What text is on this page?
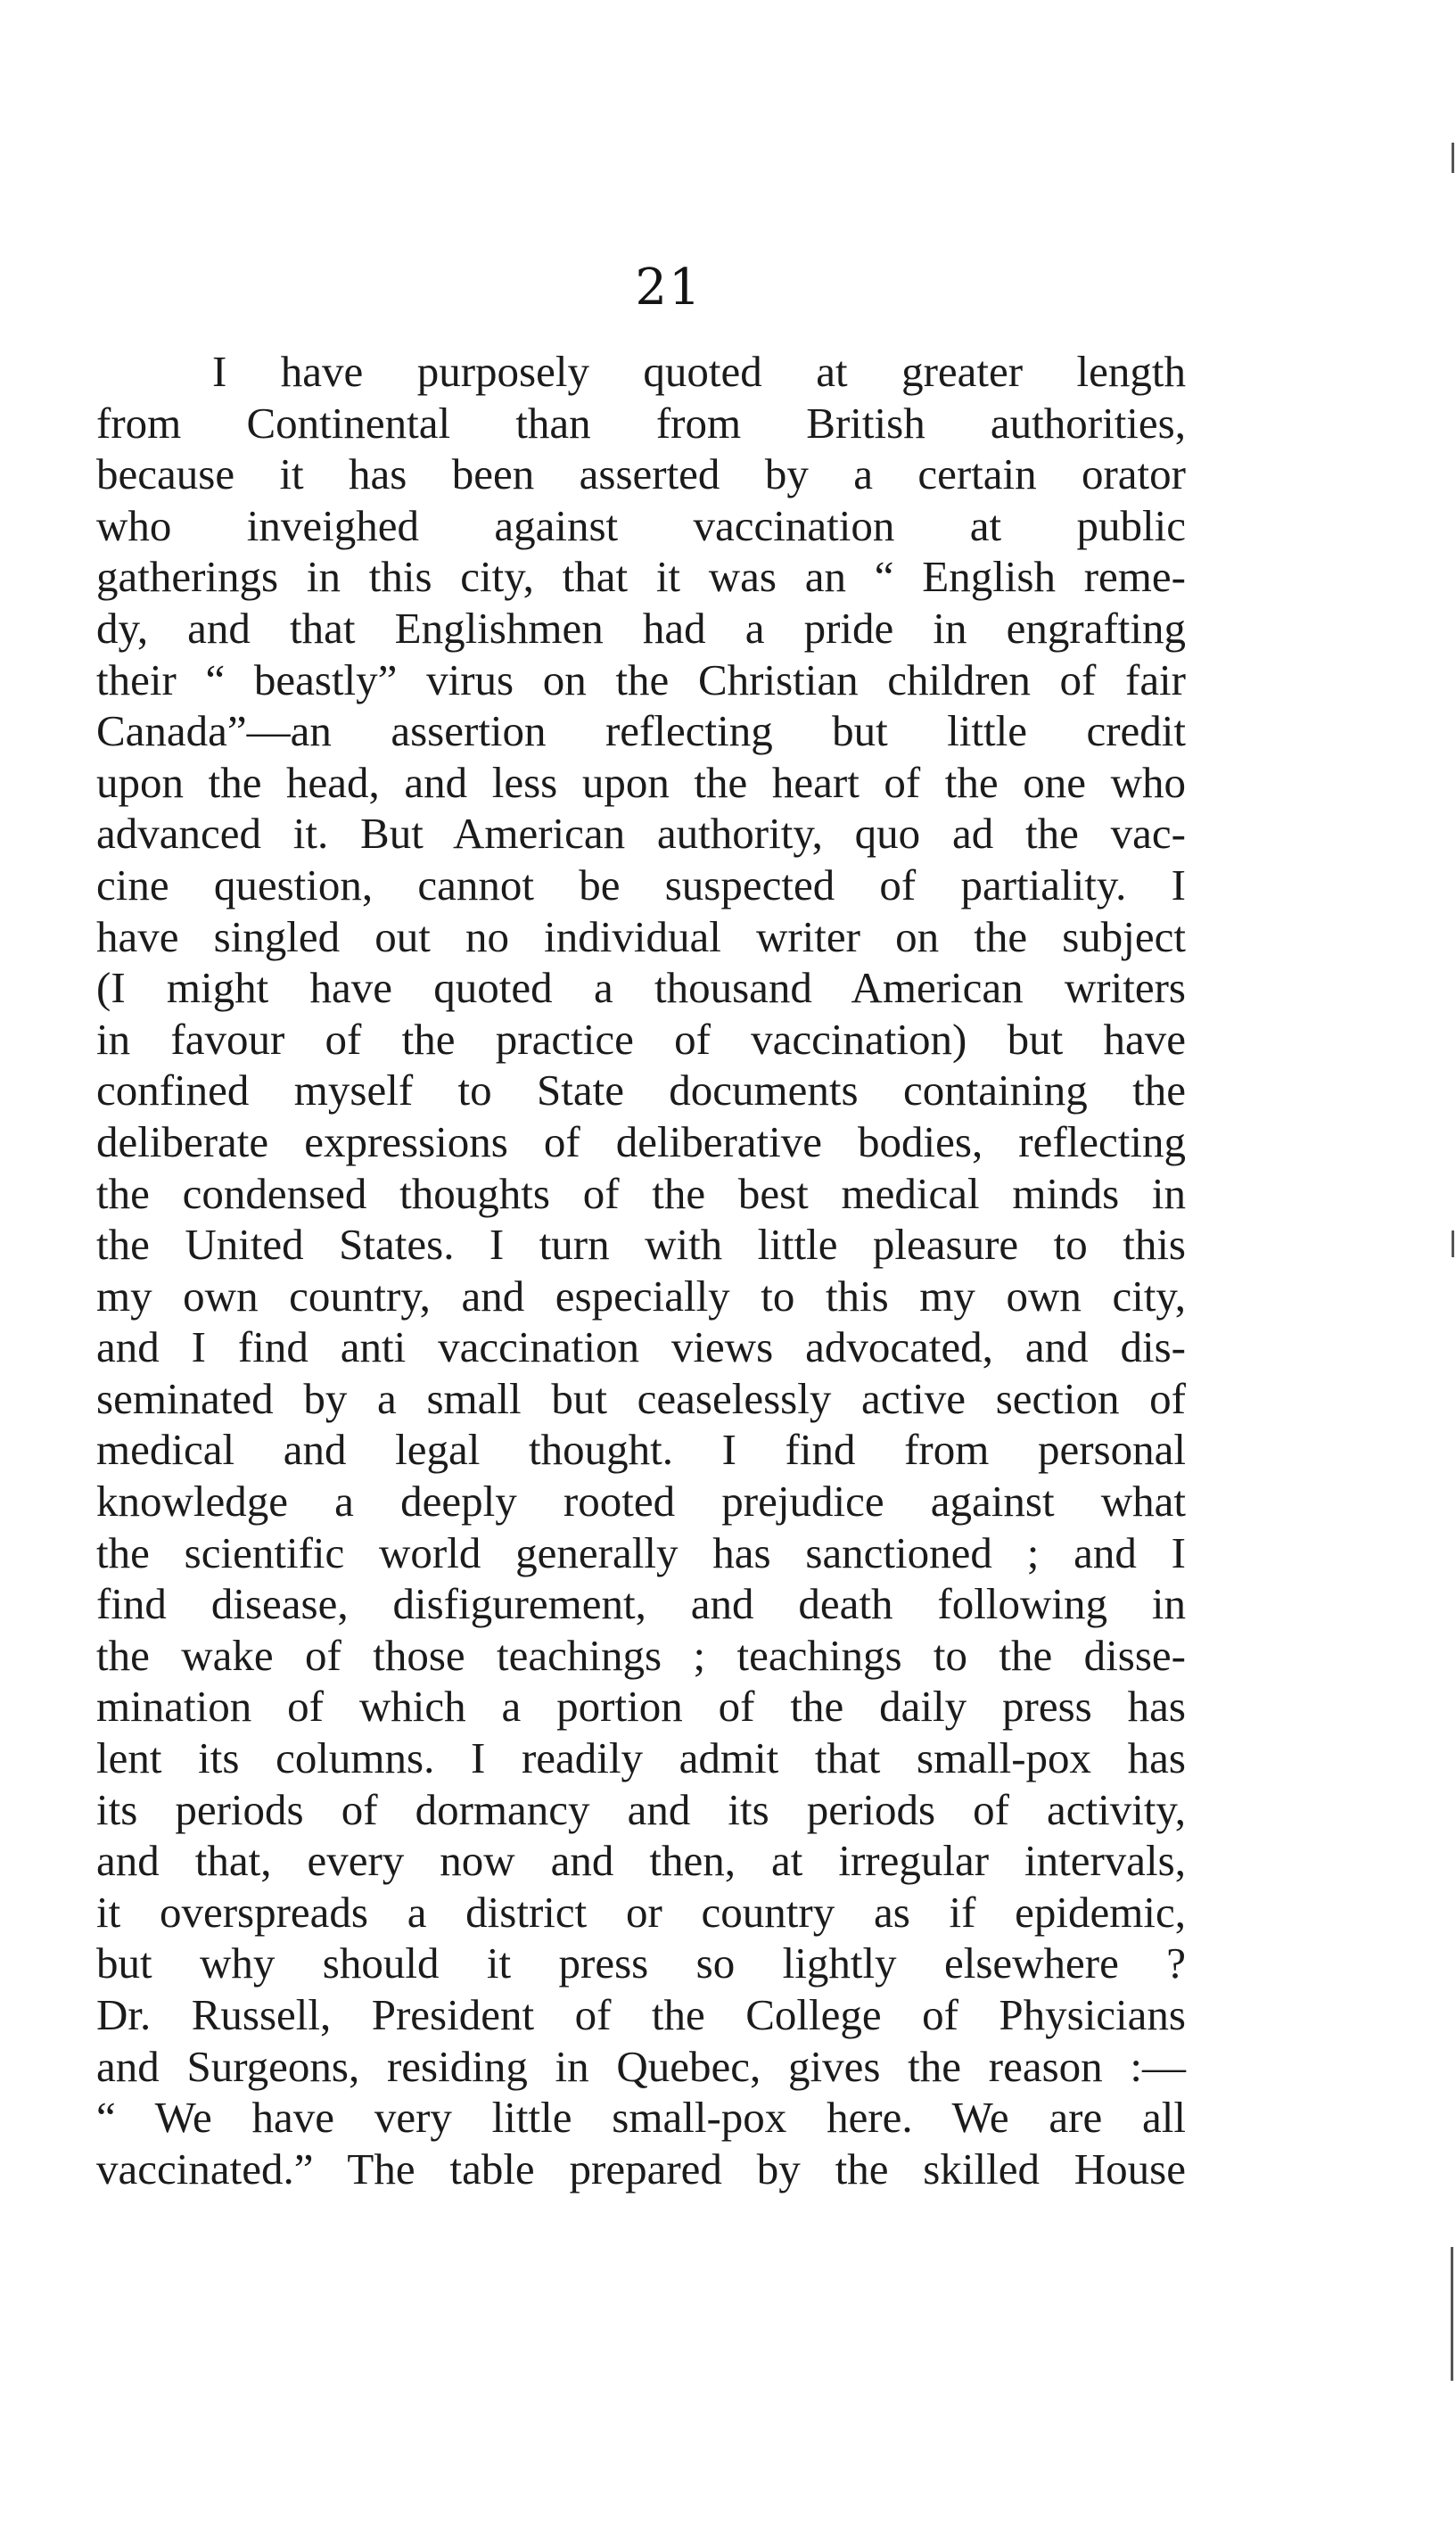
21
I have purposely quoted at greater length
from Continental than from British authorities,
because it has been asserted by a certain orator
who inveighed against vaccination at public
gatherings in this city, that it was an “ English reme-
dy, and that Englishmen had a pride in engrafting
their “ beastly” virus on the Christian children of fair
Canada”—an assertion reflecting but little credit
upon the head, and less upon the heart of the one who
advanced it. But American authority, quo ad the vac-
cine question, cannot be suspected of partiality. I
have singled out no individual writer on the subject
(I might have quoted a thousand American writers
in favour of the practice of vaccination) but have
confined myself to State documents containing the
deliberate expressions of deliberative bodies, reflecting
the condensed thoughts of the best medical minds in
the United States. I turn with little pleasure to this
my own country, and especially to this my own city,
and I find anti vaccination views advocated, and dis-
seminated by a small but ceaselessly active section of
medical and legal thought. I find from personal
knowledge a deeply rooted prejudice against what
the scientific world generally has sanctioned ; and I
find disease, disfigurement, and death following in
the wake of those teachings ; teachings to the disse-
mination of which a portion of the daily press has
lent its columns. I readily admit that small-pox has
its periods of dormancy and its periods of activity,
and that, every now and then, at irregular intervals,
it overspreads a district or country as if epidemic,
but why should it press so lightly elsewhere ?
Dr. Russell, President of the College of Physicians
and Surgeons, residing in Quebec, gives the reason :—
“ We have very little small-pox here. We are all
vaccinated.” The table prepared by the skilled House
